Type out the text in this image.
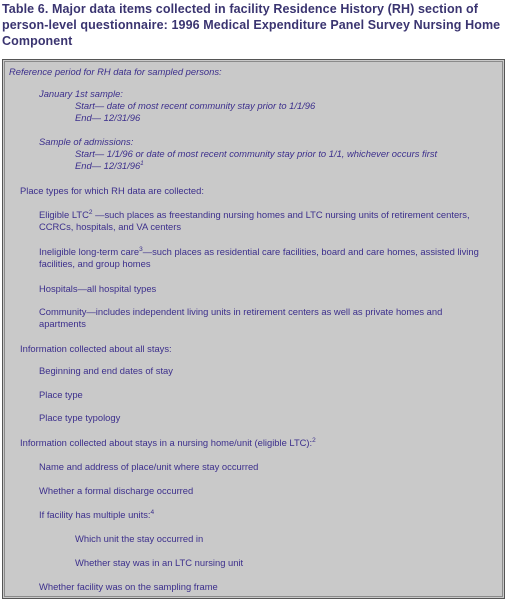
Table 6. Major data items collected in facility Residence History (RH) section of person-level questionnaire: 1996 Medical Expenditure Panel Survey Nursing Home Component
Reference period for RH data for sampled persons:
January 1st sample:
Start— date of most recent community stay prior to 1/1/96
End— 12/31/96
Sample of admissions:
Start— 1/1/96 or date of most recent community stay prior to 1/1, whichever occurs first
End— $12/31/96^1$
Place types for which RH data are collected:
Eligible LTC$^2$ —such places as freestanding nursing homes and LTC nursing units of retirement centers, CCRCs, hospitals, and VA centers
Ineligible long-term care$^3$—such places as residential care facilities, board and care homes, assisted living facilities, and group homes
Hospitals—all hospital types
Community—includes independent living units in retirement centers as well as private homes and apartments
Information collected about all stays:
Beginning and end dates of stay
Place type
Place type typology
Information collected about stays in a nursing home/unit (eligible LTC):$^2$
Name and address of place/unit where stay occurred
Whether a formal discharge occurred
If facility has multiple units:$^4$
Which unit the stay occurred in
Whether stay was in an LTC nursing unit
Whether facility was on the sampling frame
